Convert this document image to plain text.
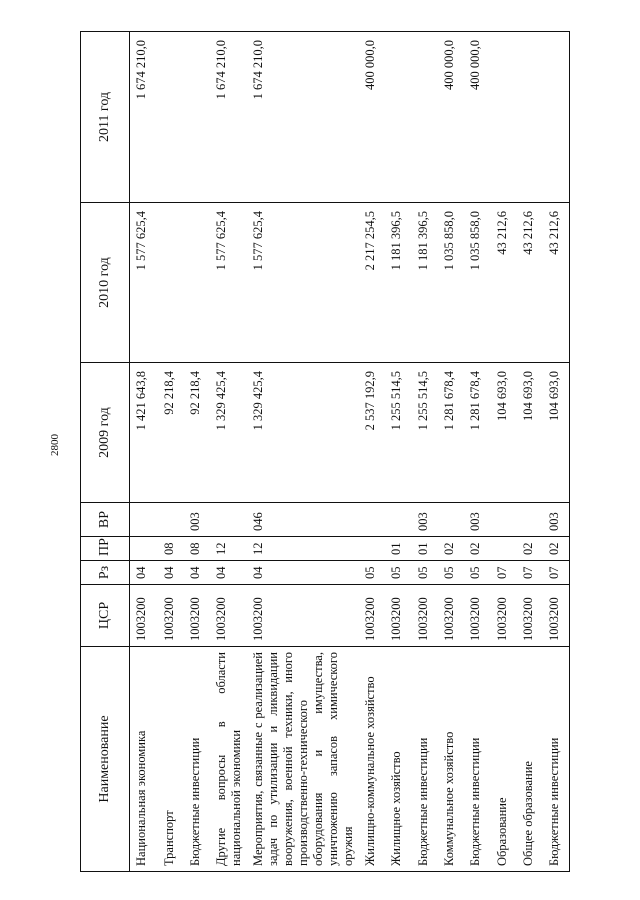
2800
Наименование	ЦСР	Рз	ПР	ВР	2009 год	2010 год	2011 год
Национальная экономика	1003200	04			1 421 643,8	1 577 625,4	1 674 210,0
Транспорт	1003200	04	08		92 218,4		
Бюджетные инвестиции	1003200	04	08	003	92 218,4		
Другие вопросы в области национальной экономики	1003200	04	12		1 329 425,4	1 577 625,4	1 674 210,0
Мероприятия, связанные с реализацией задач по утилизации и ликвидации вооружения, военной техники, иного производственно-технического оборудования и имущества, уничтожению запасов химического оружия	1003200	04	12	046	1 329 425,4	1 577 625,4	1 674 210,0
Жилищно-коммунальное хозяйство	1003200	05			2 537 192,9	2 217 254,5	400 000,0
Жилищное хозяйство	1003200	05	01		1 255 514,5	1 181 396,5	
Бюджетные инвестиции	1003200	05	01	003	1 255 514,5	1 181 396,5	
Коммунальное хозяйство	1003200	05	02		1 281 678,4	1 035 858,0	400 000,0
Бюджетные инвестиции	1003200	05	02	003	1 281 678,4	1 035 858,0	400 000,0
Образование	1003200	07			104 693,0	43 212,6	
Общее образование	1003200	07	02		104 693,0	43 212,6	
Бюджетные инвестиции	1003200	07	02	003	104 693,0	43 212,6	
